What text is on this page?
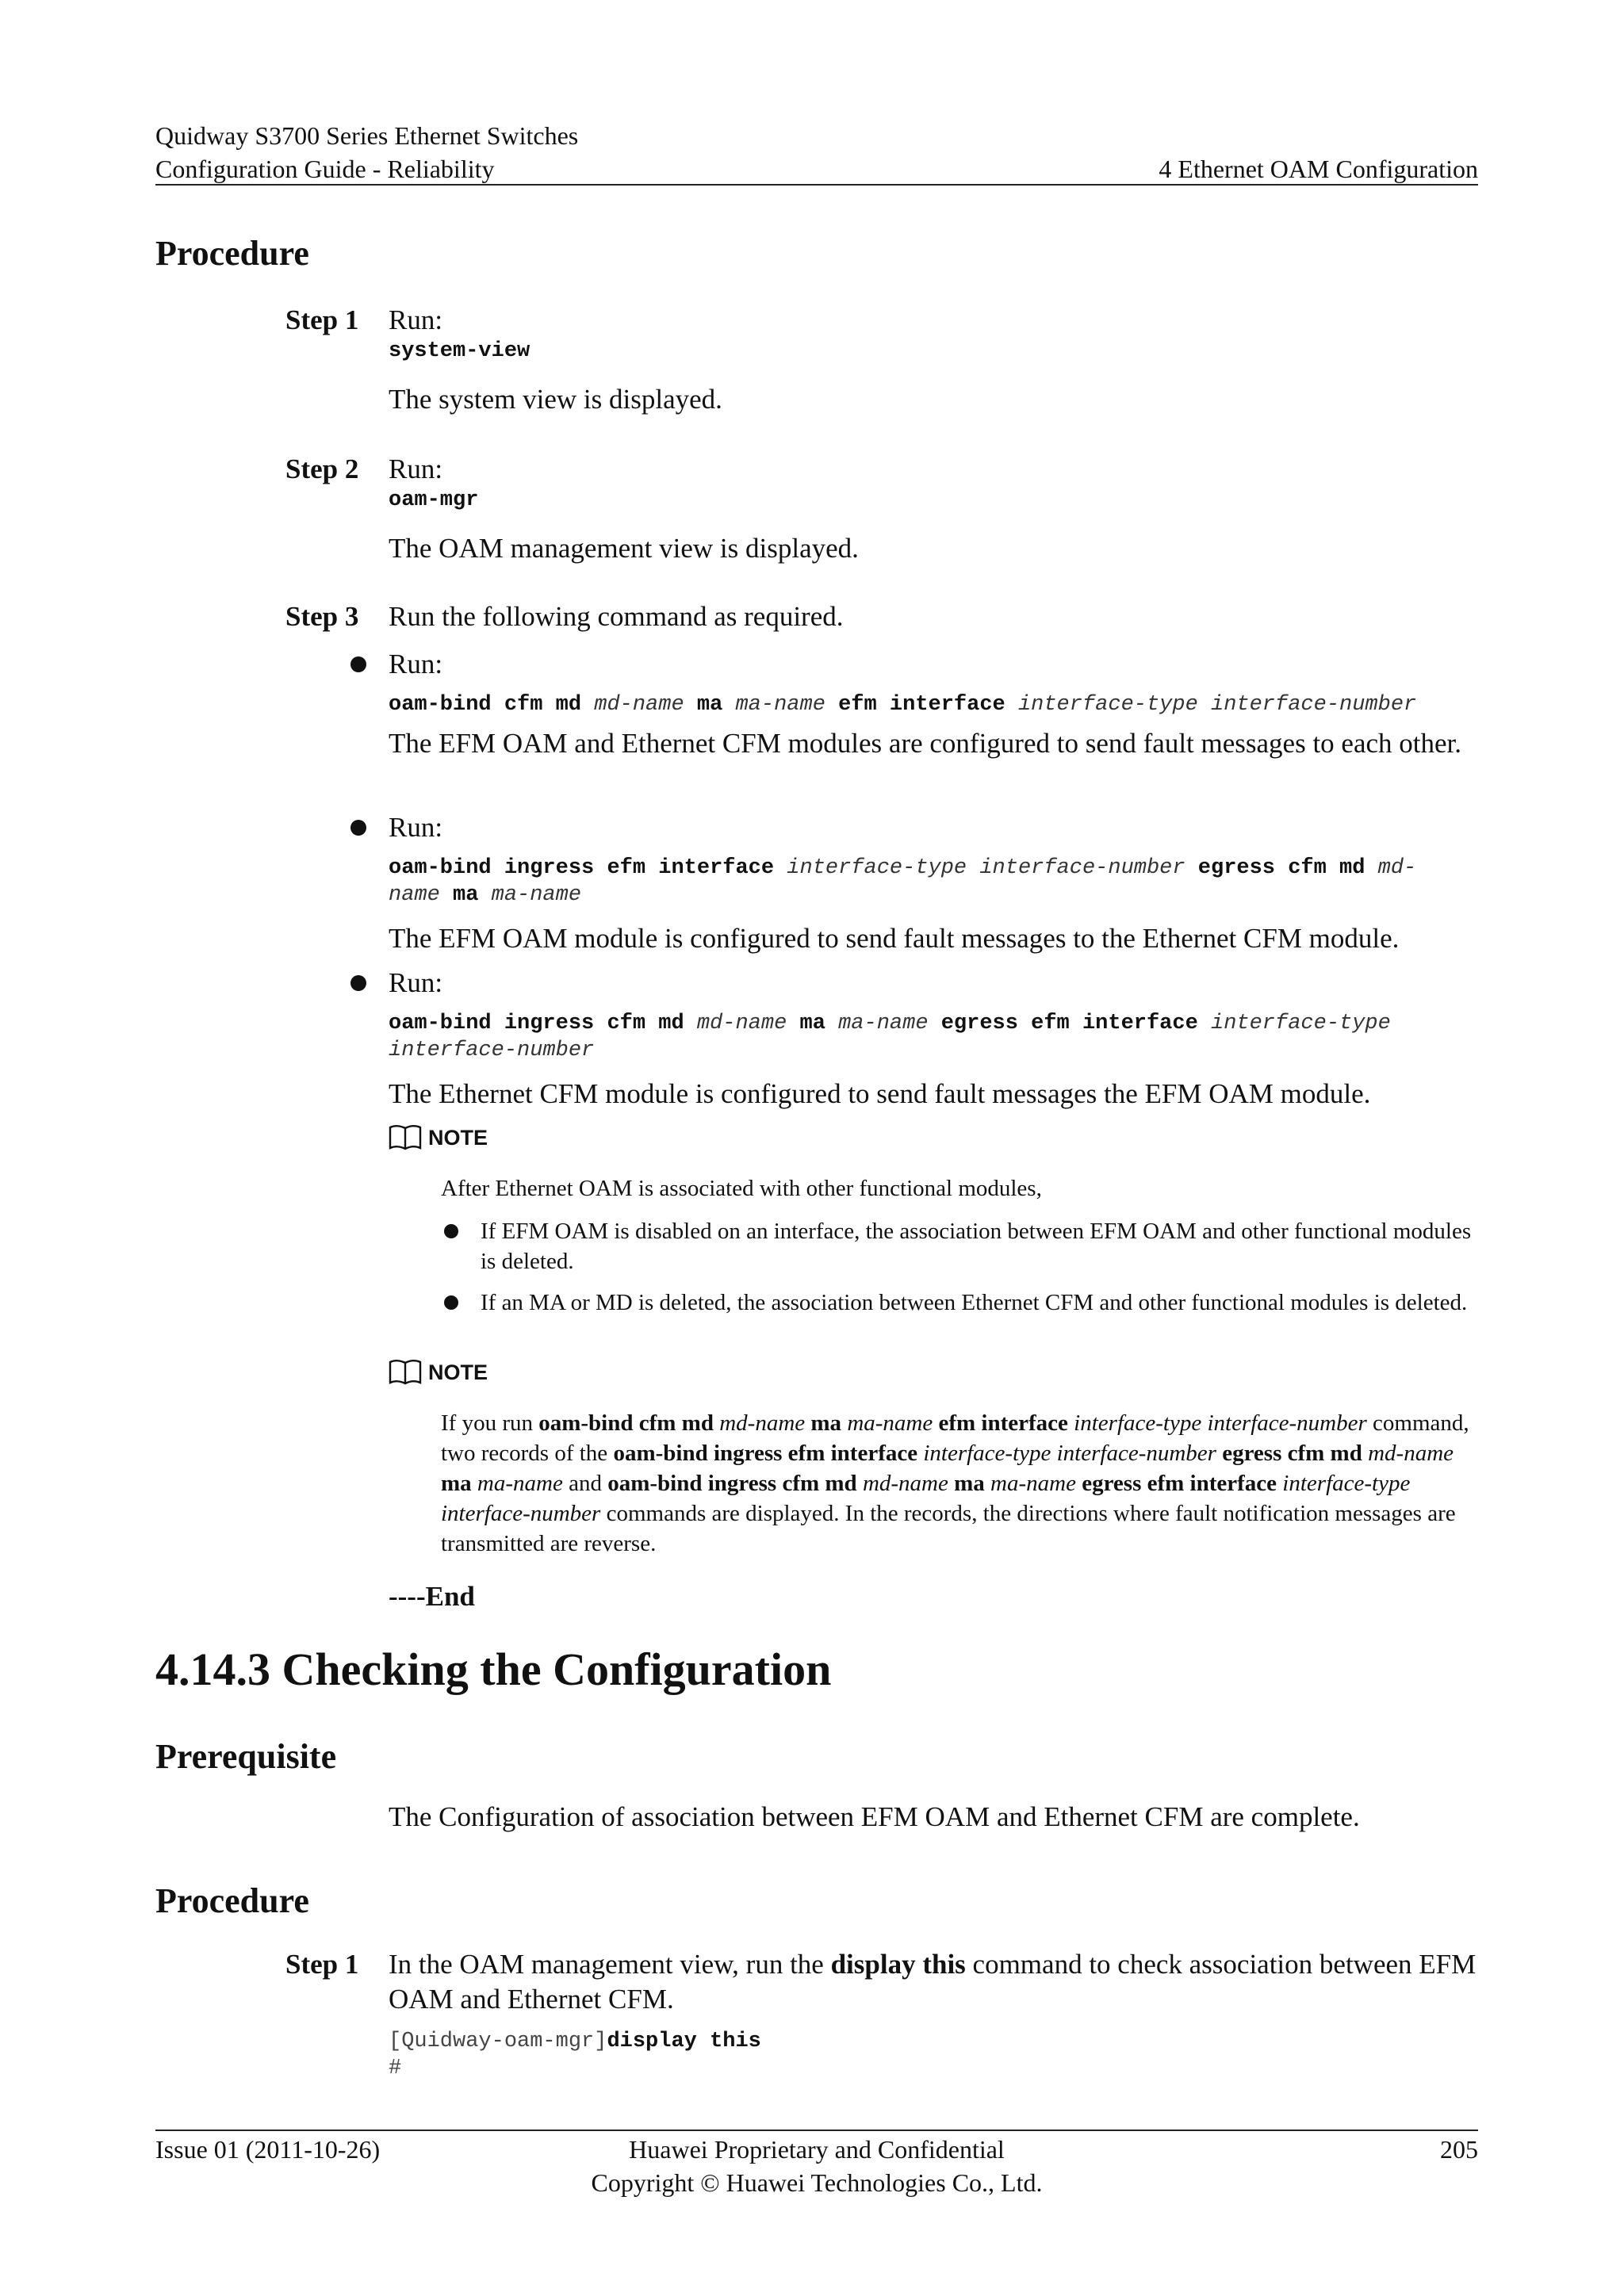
Quidway S3700 Series Ethernet Switches
Configuration Guide - Reliability	4 Ethernet OAM Configuration
Procedure
Step 1 Run:
system-view
The system view is displayed.
Step 2 Run:
oam-mgr
The OAM management view is displayed.
Step 3 Run the following command as required.
Run:
oam-bind cfm md md-name ma ma-name efm interface interface-type interface-number
The EFM OAM and Ethernet CFM modules are configured to send fault messages to each other.
Run:
oam-bind ingress efm interface interface-type interface-number egress cfm md md-
name ma ma-name
The EFM OAM module is configured to send fault messages to the Ethernet CFM module.
Run:
oam-bind ingress cfm md md-name ma ma-name egress efm interface interface-type
interface-number
The Ethernet CFM module is configured to send fault messages the EFM OAM module.
NOTE
After Ethernet OAM is associated with other functional modules,
If EFM OAM is disabled on an interface, the association between EFM OAM and other functional modules is deleted.
If an MA or MD is deleted, the association between Ethernet CFM and other functional modules is deleted.
NOTE
If you run oam-bind cfm md md-name ma ma-name efm interface interface-type interface-number command, two records of the oam-bind ingress efm interface interface-type interface-number egress cfm md md-name ma ma-name and oam-bind ingress cfm md md-name ma ma-name egress efm interface interface-type interface-number commands are displayed. In the records, the directions where fault notification messages are transmitted are reverse.
----End
4.14.3 Checking the Configuration
Prerequisite
The Configuration of association between EFM OAM and Ethernet CFM are complete.
Procedure
Step 1 In the OAM management view, run the display this command to check association between EFM OAM and Ethernet CFM.
[Quidway-oam-mgr]display this
#
Issue 01 (2011-10-26)	Huawei Proprietary and Confidential
Copyright © Huawei Technologies Co., Ltd.
205
